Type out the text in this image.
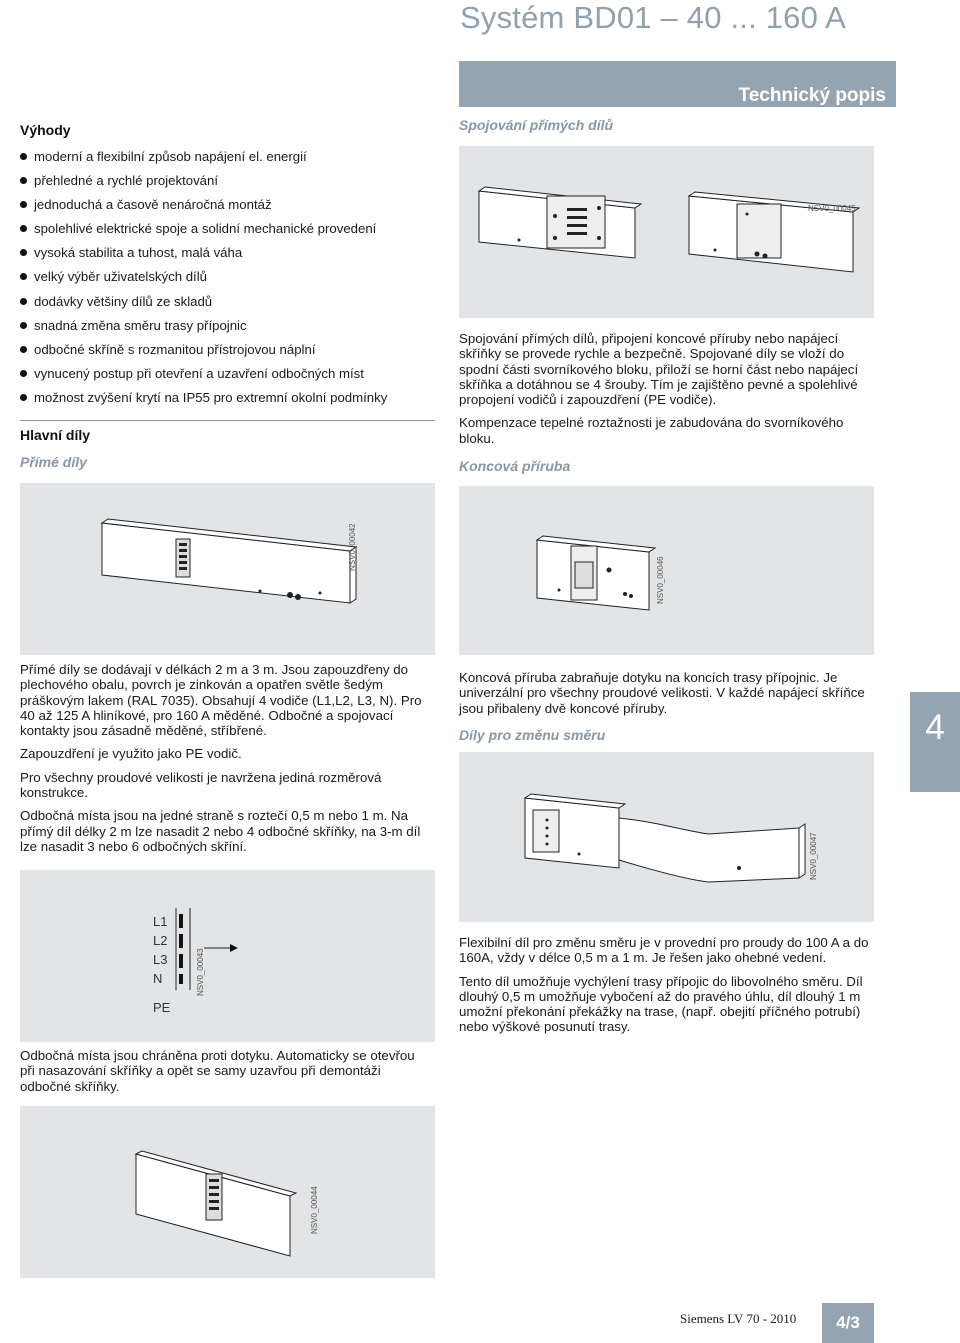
Systém BD01 – 40 ... 160 A
Technický popis
Výhody
moderní a flexibilní způsob napájení el. energií
přehledné a rychlé projektování
jednoduchá a časově nenáročná montáž
spolehlivé elektrické spoje a solidní mechanické provedení
vysoká stabilita a tuhost, malá váha
velký výběr uživatelských dílů
dodávky většiny dílů ze skladů
snadná změna směru trasy přípojnic
odbočné skříně s rozmanitou přístrojovou náplní
vynucený postup při otevření a uzavření odbočných míst
možnost zvýšení krytí na IP55 pro extremní okolní podmínky
Hlavní díly
Přímé díly
NSV0_00042

Přímé díly se dodávají v délkách 2 m a 3 m. Jsou zapouzdřeny do plechového obalu, povrch je zinkován a opatřen světle šedým práškovým lakem (RAL 7035). Obsahují 4 vodiče (L1,L2, L3, N). Pro 40 až 125 A hliníkové, pro 160 A měděné. Odbočné a spojovací kontakty jsou zásadně měděné, stříbřené.

Zapouzdření je využito jako PE vodič.

Pro všechny proudové velikosti je navržena jediná rozměrová konstrukce.

Odbočná místa jsou na jedné straně s roztečí 0,5 m nebo 1 m. Na přímý díl délky 2 m lze nasadit 2 nebo 4 odbočné skříňky, na 3-m díl lze nasadit 3 nebo 6 odbočných skříní.

L1
L2
L3
N
PE
NSV0_00043

Odbočná místa jsou chráněna proti dotyku. Automaticky se otevřou při nasazování skříňky a opět se samy uzavřou při demontáži odbočné skříňky.

NSV0_00044
Spojování přímých dílů
NSV0_00045

Spojování přímých dílů, připojení koncové příruby nebo napájecí skříňky se provede rychle a bezpečně. Spojované díly se vloží do spodní části svorníkového bloku, přiloží se horní část nebo napájecí skříňka a dotáhnou se 4 šrouby. Tím je zajištěno pevné a spolehlivé propojení vodičů i zapouzdření (PE vodiče).

Kompenzace tepelné roztažnosti je zabudována do svorníkového bloku.

Koncová příruba
NSV0_00046

Koncová příruba zabraňuje dotyku na koncích trasy přípojnic. Je univerzální pro všechny proudové velikosti. V každé napájecí skříňce jsou přibaleny dvě koncové příruby.

Díly pro změnu směru
NSV0_00047

Flexibilní díl pro změnu směru je v provední pro proudy do 100 A a do 160A, vždy v délce 0,5 m a 1 m. Je řešen jako ohebné vedení.

Tento díl umožňuje vychýlení trasy přípojic do libovolného směru. Díl dlouhý 0,5 m umožňuje vybočení až do pravého úhlu, díl dlouhý 1 m umožní překonání překážky na trase, (např. obejití příčného potrubí) nebo výškové posunutí trasy.

4
Siemens LV 70 - 2010	4/3
